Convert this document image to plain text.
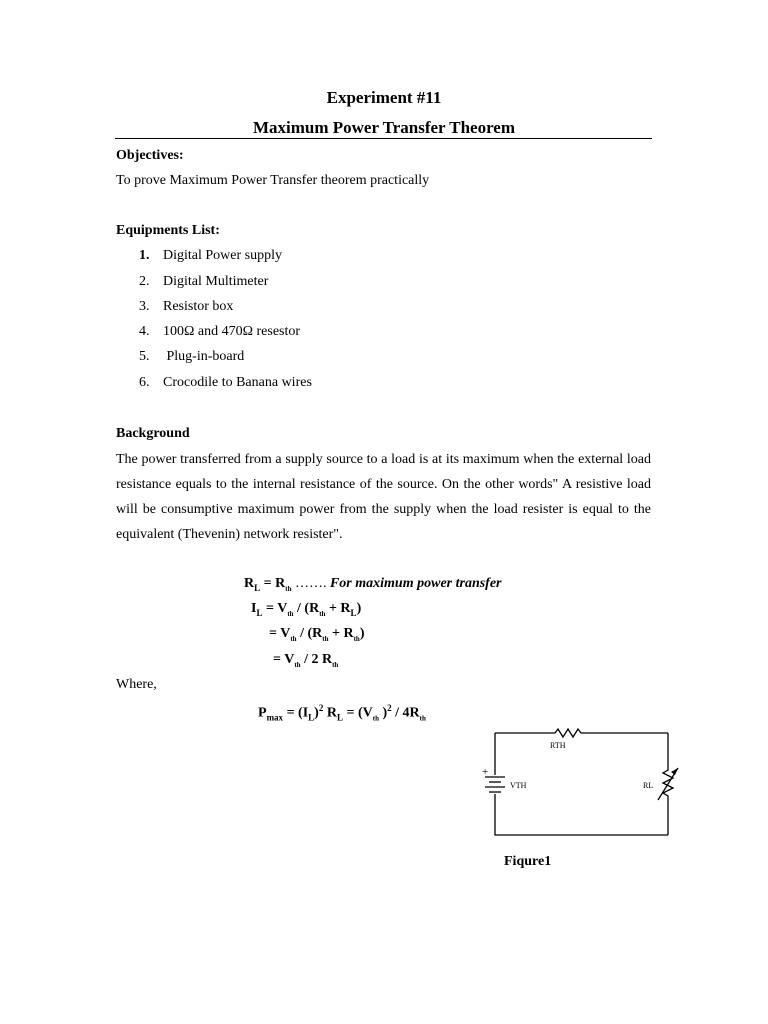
Experiment #11
Maximum Power Transfer Theorem
Objectives:
To prove Maximum Power Transfer theorem practically
Equipments List:
1. Digital Power supply
2. Digital Multimeter
3. Resistor box
4. 100Ω and 470Ω resestor
5. Plug-in-board
6. Crocodile to Banana wires
Background
The power transferred from a supply source to a load is at its maximum when the external load resistance equals to the internal resistance of the source. On the other words" A resistive load will be consumptive maximum power from the supply when the load resister is equal to the equivalent (Thevenin) network resister".
$R_L = R_{th}$ ……. For maximum power transfer
$I_L = V_{th} / (R_{th} + R_L)$
= $V_{th} / (R_{th} + R_{th})$
= $V_{th} / 2$ $R_{th}$
Where,
$P_{max} = (I_L)^2$ $R_L = (V_{th}$ )$^2 / 4R_{th}$
RTH
VTH	RL
+
Fiqure1
